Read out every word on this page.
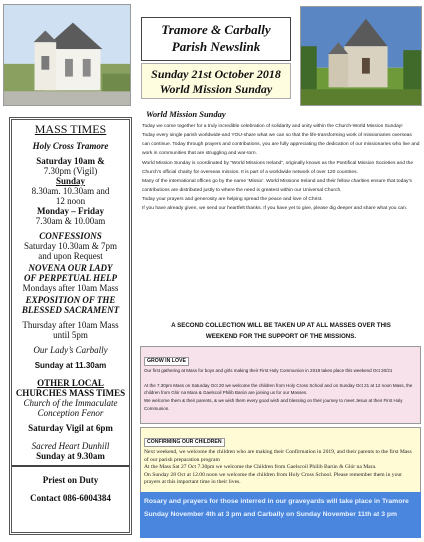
Tramore & Carbally
Parish Newslink
Sunday 21st October 2018
World Mission Sunday
MASS TIMES
Holy Cross Tramore
Saturday 10am &
7.30pm (Vigil)
Sunday
8.30am. 10.30am and
12 noon
Monday – Friday
7.30am & 10.00am
CONFESSIONS
Saturday 10.30am & 7pm
and upon Request
NOVENA OUR LADY
OF PERPETUAL HELP
Mondays after 10am Mass
EXPOSITION OF THE
BLESSED SACRAMENT
Thursday after 10am Mass
until 5pm
Our Lady’s Carbally
Sunday at 11.30am
OTHER LOCAL
CHURCHES MASS TIMES
Church of the Immaculate
Conception Fenor
Saturday Vigil at 6pm
Sacred Heart Dunhill
Sunday at 9.30am
Priest on Duty
Contact 086-6004384
World Mission Sunday

Today we come together for a truly incredible celebration of solidarity and unity within the Church-World Mission Sunday!

Today every single parish worldwide-and YOU-share what we can so that the life-transforming work of missionaries overseas can continue. Today through prayers and contributions, you are fully appreciating the dedication of our missionaries who live and work in communities that are struggling and war-torn.

World Mission Sunday is coordinated by “World Missions Ireland”, originally known as the Pontifical Mission Societies and the Church’s official charity for overseas mission. It is part of a worldwide network of over 120 countries.

Many of the international offices go by the name ‘Missio’. World Missions Ireland and their fellow charities ensure that today’s contributions are distributed justly to where the need is greatest within our Universal Church.

Today your prayers and generosity are helping spread the peace and love of Christ.

If you have already given, we send our heartfelt thanks. If you have yet to give, please dig deeper and share what you can.

A SECOND COLLECTION WILL BE TAKEN UP AT ALL MASSES OVER THIS
WEEKEND FOR THE SUPPORT OF THE MISSIONS.
GROW IN LOVE

Our first gathering at Mass for boys and girls making their First Holy Communion in 2019 takes place this weekend Oct 20/21

At the 7.30pm Mass on Saturday Oct 20 we welcome the children from Holy Cross School and on Sunday Oct 21 at 12 noon Mass, the children from Glór na Mara & Gaelscoil Philib Barún are joining us for our Masses.

We welcome them & their parents, & we wish them every good wish and blessing on their journey to meet Jesus at their First Holy Communion.

CONFIRMING OUR CHILDREN

Next weekend, we welcome the children who are making their Confirmation in 2019, and their parents to the first Mass of our parish preparation program

At the Mass Sat 27 Oct 7.30pm we welcome the Children from Gaelscoil Philib Barún & Glór na Mara.

On Sunday 28 Oct at 12.00 noon we welcome the children from Holy Cross School. Please remember them in your prayers at this important time in their lives.

Rosary and prayers for those interred in our graveyards will take place in Tramore Sunday November 4th at 3 pm and Carbally on Sunday November 11th at 3 pm
